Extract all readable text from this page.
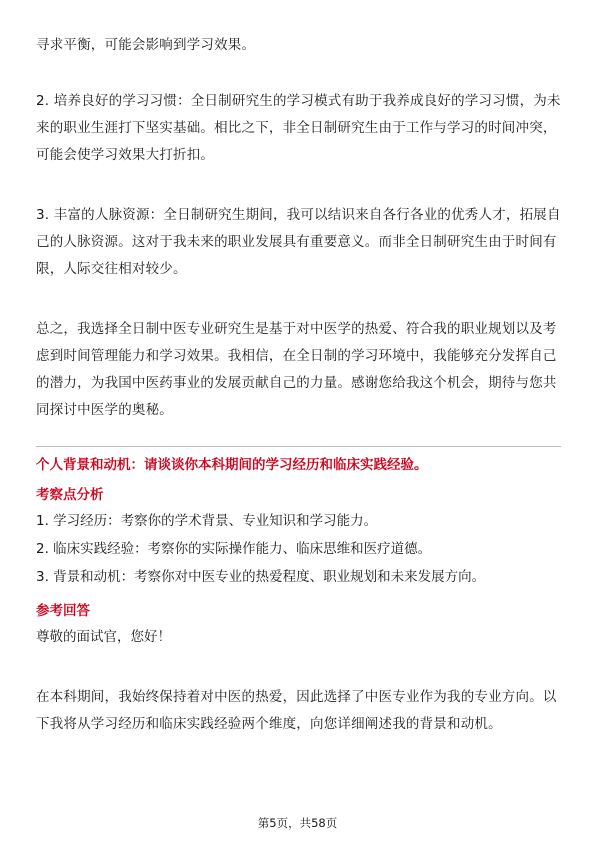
寻求平衡，可能会影响到学习效果。

2. 培养良好的学习习惯：全日制研究生的学习模式有助于我养成良好的学习习惯，为未来的职业生涯打下坚实基础。相比之下，非全日制研究生由于工作与学习的时间冲突，可能会使学习效果大打折扣。

3. 丰富的人脉资源：全日制研究生期间，我可以结识来自各行各业的优秀人才，拓展自己的人脉资源。这对于我未来的职业发展具有重要意义。而非全日制研究生由于时间有限，人际交往相对较少。

总之，我选择全日制中医专业研究生是基于对中医学的热爱、符合我的职业规划以及考虑到时间管理能力和学习效果。我相信，在全日制的学习环境中，我能够充分发挥自己的潜力，为我国中医药事业的发展贡献自己的力量。感谢您给我这个机会，期待与您共同探讨中医学的奥秘。

个人背景和动机：请谈谈你本科期间的学习经历和临床实践经验。

考察点分析

1. 学习经历：考察你的学术背景、专业知识和学习能力。

2. 临床实践经验：考察你的实际操作能力、临床思维和医疗道德。

3. 背景和动机：考察你对中医专业的热爱程度、职业规划和未来发展方向。

参考回答

尊敬的面试官，您好！

在本科期间，我始终保持着对中医的热爱，因此选择了中医专业作为我的专业方向。以下我将从学习经历和临床实践经验两个维度，向您详细阐述我的背景和动机。

第5页，共58页
